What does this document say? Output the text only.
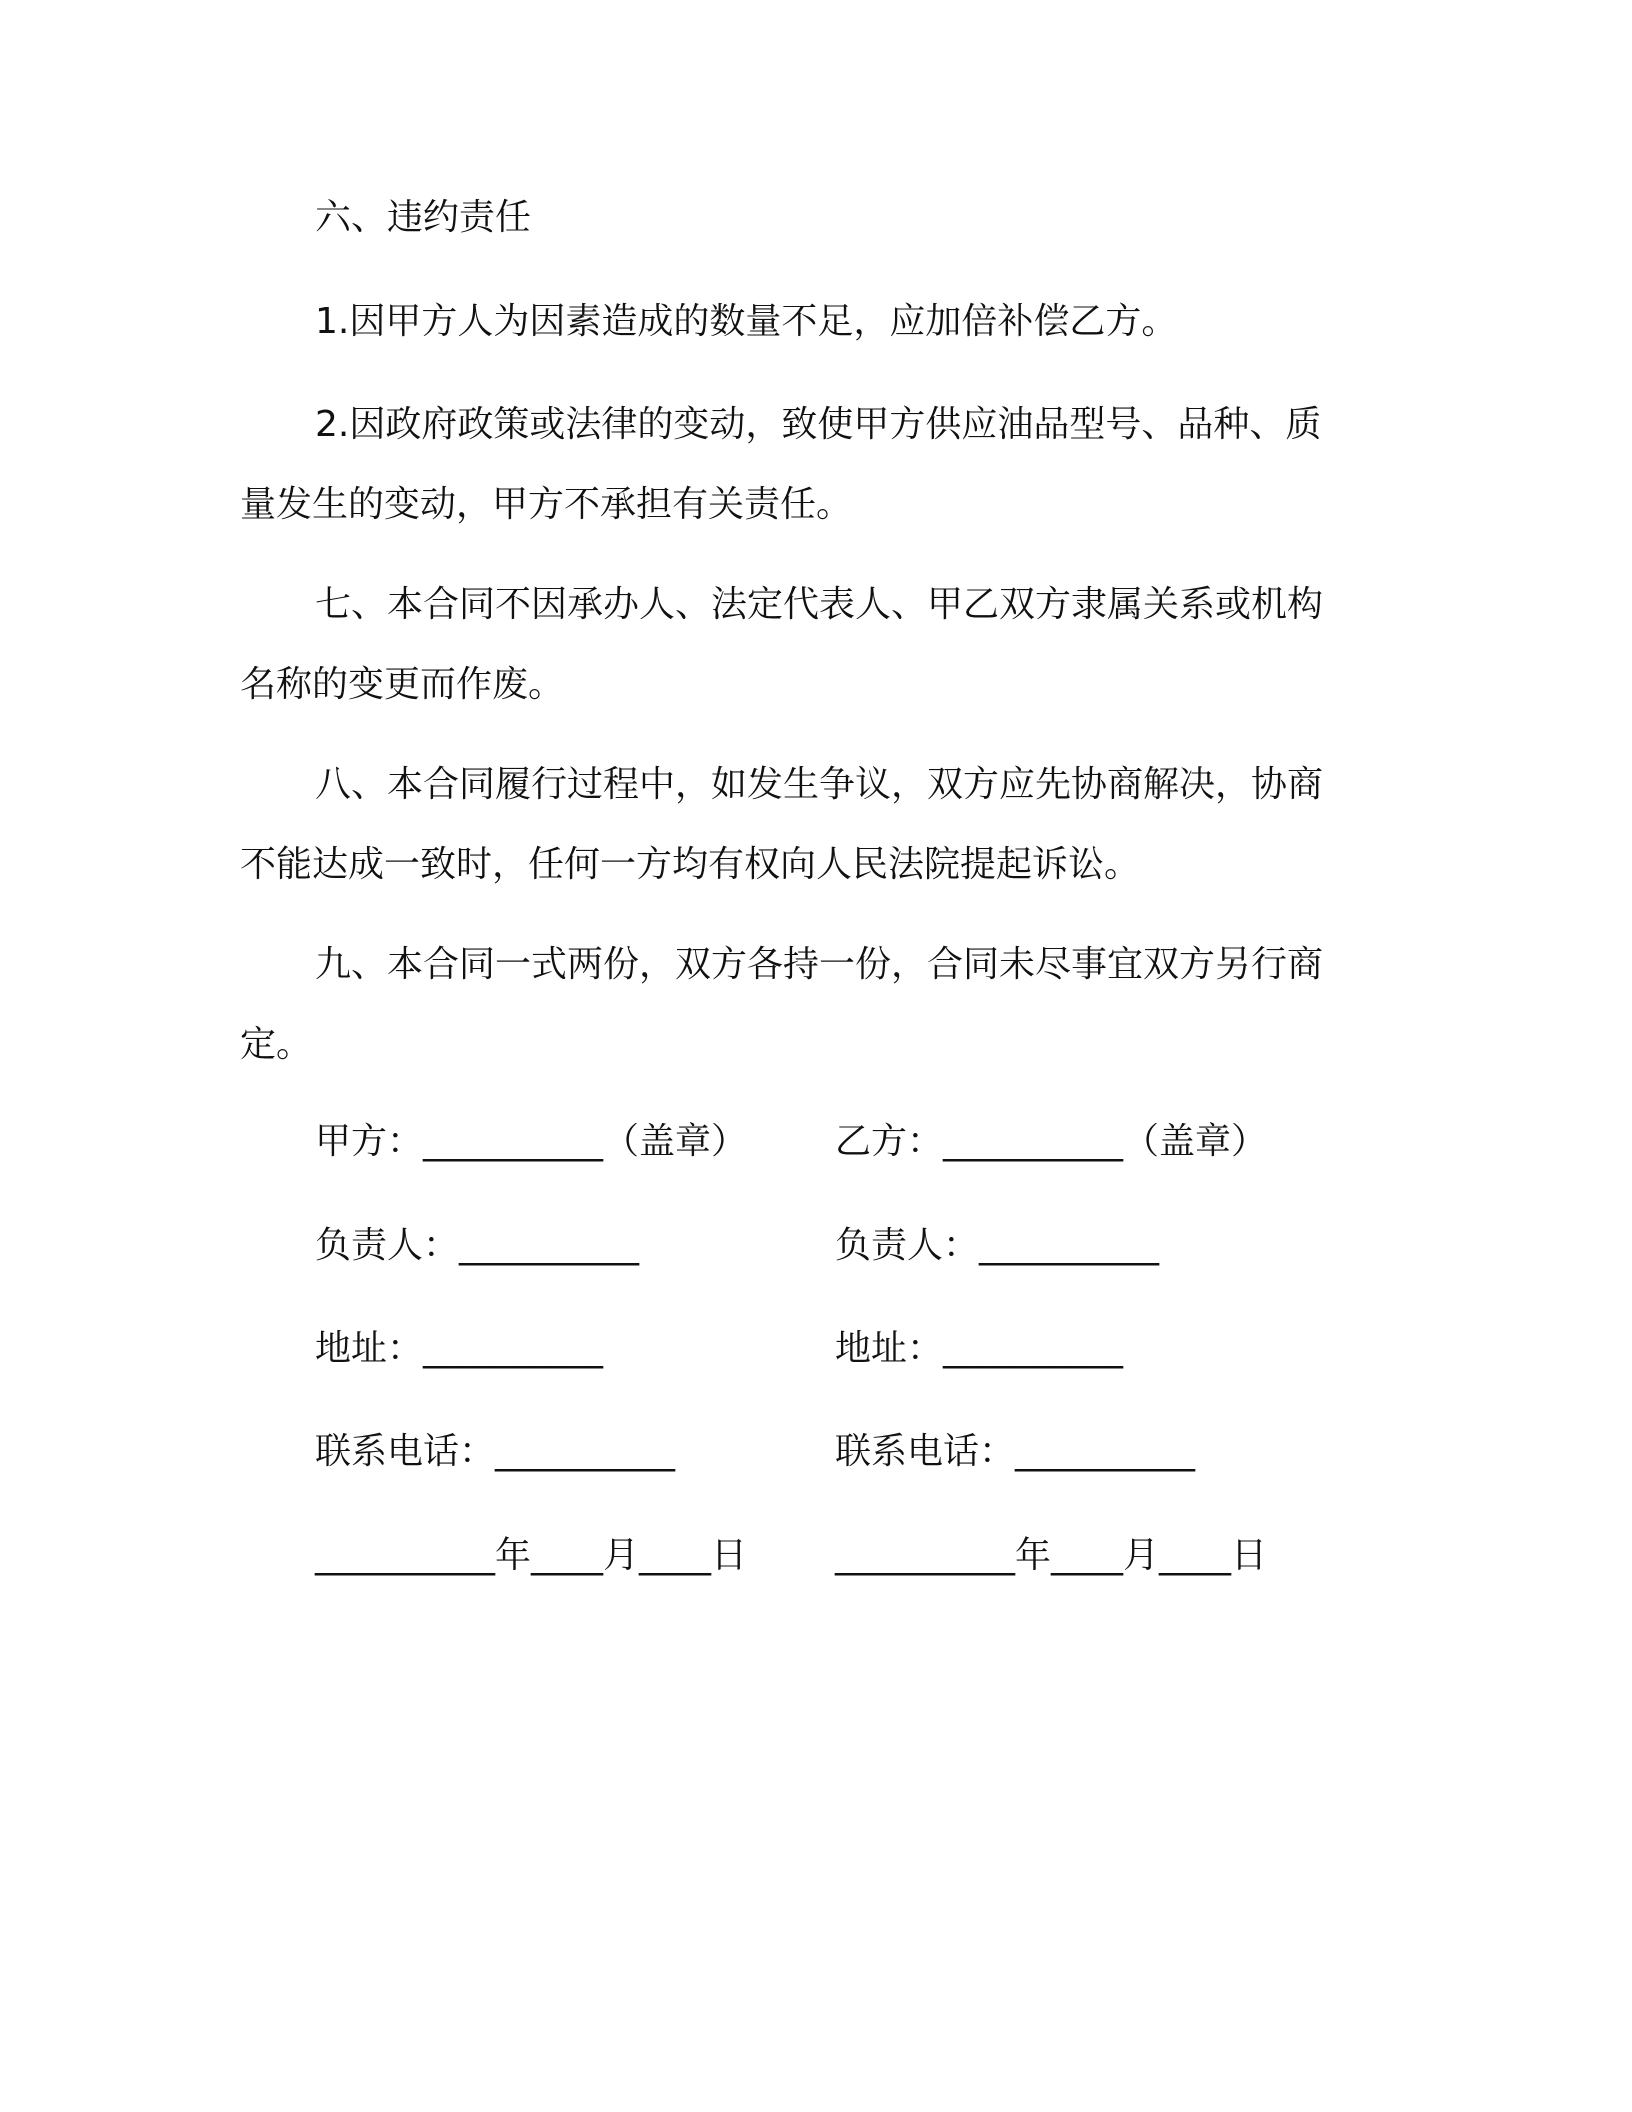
六、违约责任

1.因甲方人为因素造成的数量不足，应加倍补偿乙方。

2.因政府政策或法律的变动，致使甲方供应油品型号、品种、质量发生的变动，甲方不承担有关责任。

七、本合同不因承办人、法定代表人、甲乙双方隶属关系或机构名称的变更而作废。

八、本合同履行过程中，如发生争议，双方应先协商解决，协商不能达成一致时，任何一方均有权向人民法院提起诉讼。

九、本合同一式两份，双方各持一份，合同未尽事宜双方另行商定。

甲方：__________（盖章） 乙方：__________（盖章）

负责人：__________	负责人：__________

地址：__________	地址：__________

联系电话：__________	联系电话：__________

__________年____月____日 __________年____月____日
